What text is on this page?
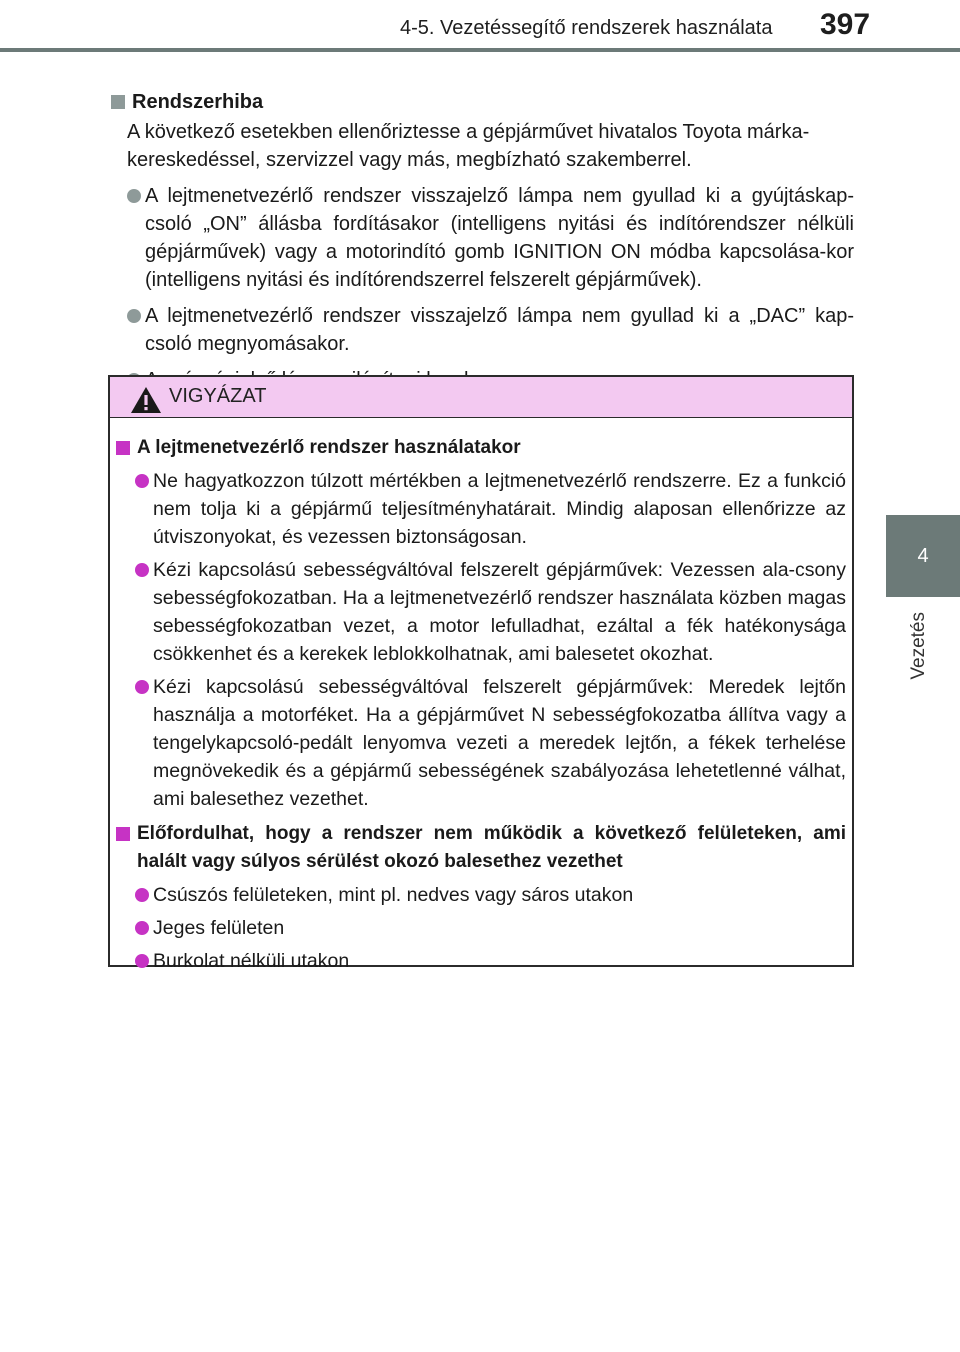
4-5. Vezetéssegítő rendszerek használata	397
4
Vezetés
Rendszerhiba
A következő esetekben ellenőriztesse a gépjárművet hivatalos Toyota márka-kereskedéssel, szervizzel vagy más, megbízható szakemberrel.
A lejtmenetvezérlő rendszer visszajelző lámpa nem gyullad ki a gyújtáskap-csoló „ON” állásba fordításakor (intelligens nyitási és indítórendszer nélküli gépjárművek) vagy a motorindító gomb IGNITION ON módba kapcsolása-kor (intelligens nyitási és indítórendszerrel felszerelt gépjárművek).
A lejtmenetvezérlő rendszer visszajelző lámpa nem gyullad ki a „DAC” kap-csoló megnyomásakor.
VIGYÁZAT
A lejtmenetvezérlő rendszer használatakor
Ne hagyatkozzon túlzott mértékben a lejtmenetvezérlő rendszerre. Ez a funkció nem tolja ki a gépjármű teljesítményhatárait. Mindig alaposan ellenőrizze az útviszonyokat, és vezessen biztonságosan.
Kézi kapcsolású sebességváltóval felszerelt gépjárművek: Vezessen ala-csony sebességfokozatban. Ha a lejtmenetvezérlő rendszer használata közben magas sebességfokozatban vezet, a motor lefulladhat, ezáltal a fék hatékonysága csökkenhet és a kerekek leblokkolhatnak, ami balesetet okozhat.
Kézi kapcsolású sebességváltóval felszerelt gépjárművek: Meredek lejtőn használja a motorféket. Ha a gépjárművet N sebességfokozatba állítva vagy a tengelykapcsoló-pedált lenyomva vezeti a meredek lejtőn, a fékek terhelése megnövekedik és a gépjármű sebességének szabályozása lehetetlenné válhat, ami balesethez vezethet.
Előfordulhat, hogy a rendszer nem működik a következő felületeken, ami halált vagy súlyos sérülést okozó balesethez vezethet
Csúszós felületeken, mint pl. nedves vagy sáros utakon
Jeges felületen
Burkolat nélküli utakon
